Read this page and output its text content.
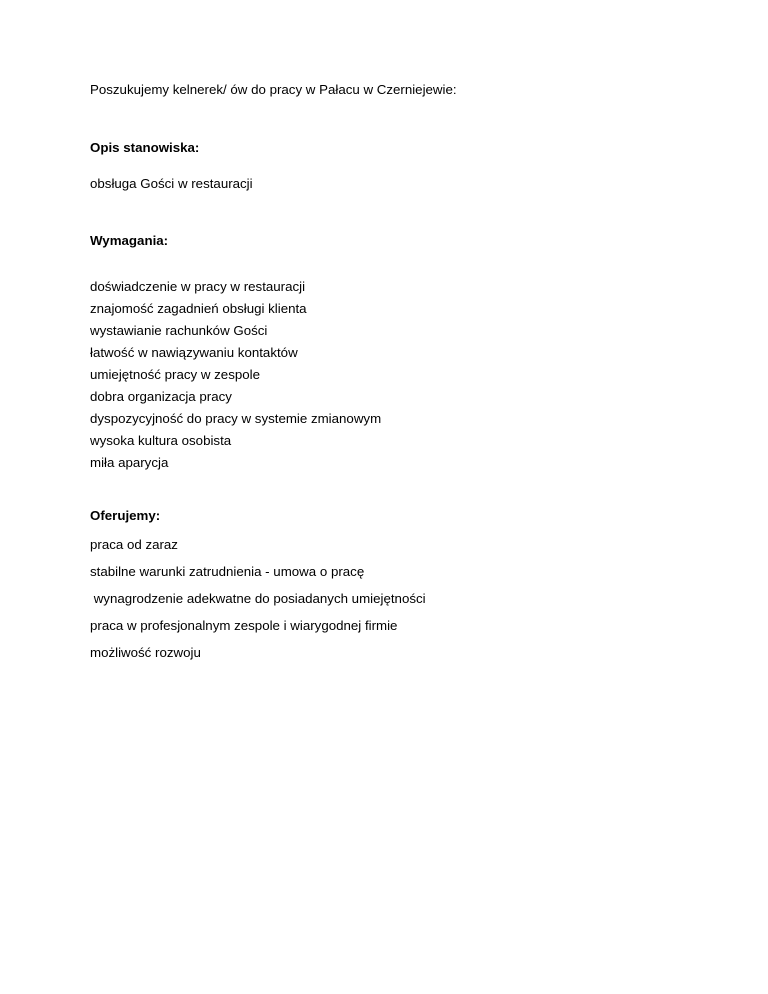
Poszukujemy kelnerek/ ów do pracy w Pałacu w Czerniejewie:
Opis stanowiska:
obsługa Gości w restauracji
Wymagania:
doświadczenie w pracy w restauracji
znajomość zagadnień obsługi klienta
wystawianie rachunków Gości
łatwość w nawiązywaniu kontaktów
umiejętność pracy w zespole
dobra organizacja pracy
dyspozycyjność do pracy w systemie zmianowym
wysoka kultura osobista
miła aparycja
Oferujemy:
praca od zaraz
stabilne warunki zatrudnienia - umowa o pracę
wynagrodzenie adekwatne do posiadanych umiejętności
praca w profesjonalnym zespole i wiarygodnej firmie
możliwość rozwoju
